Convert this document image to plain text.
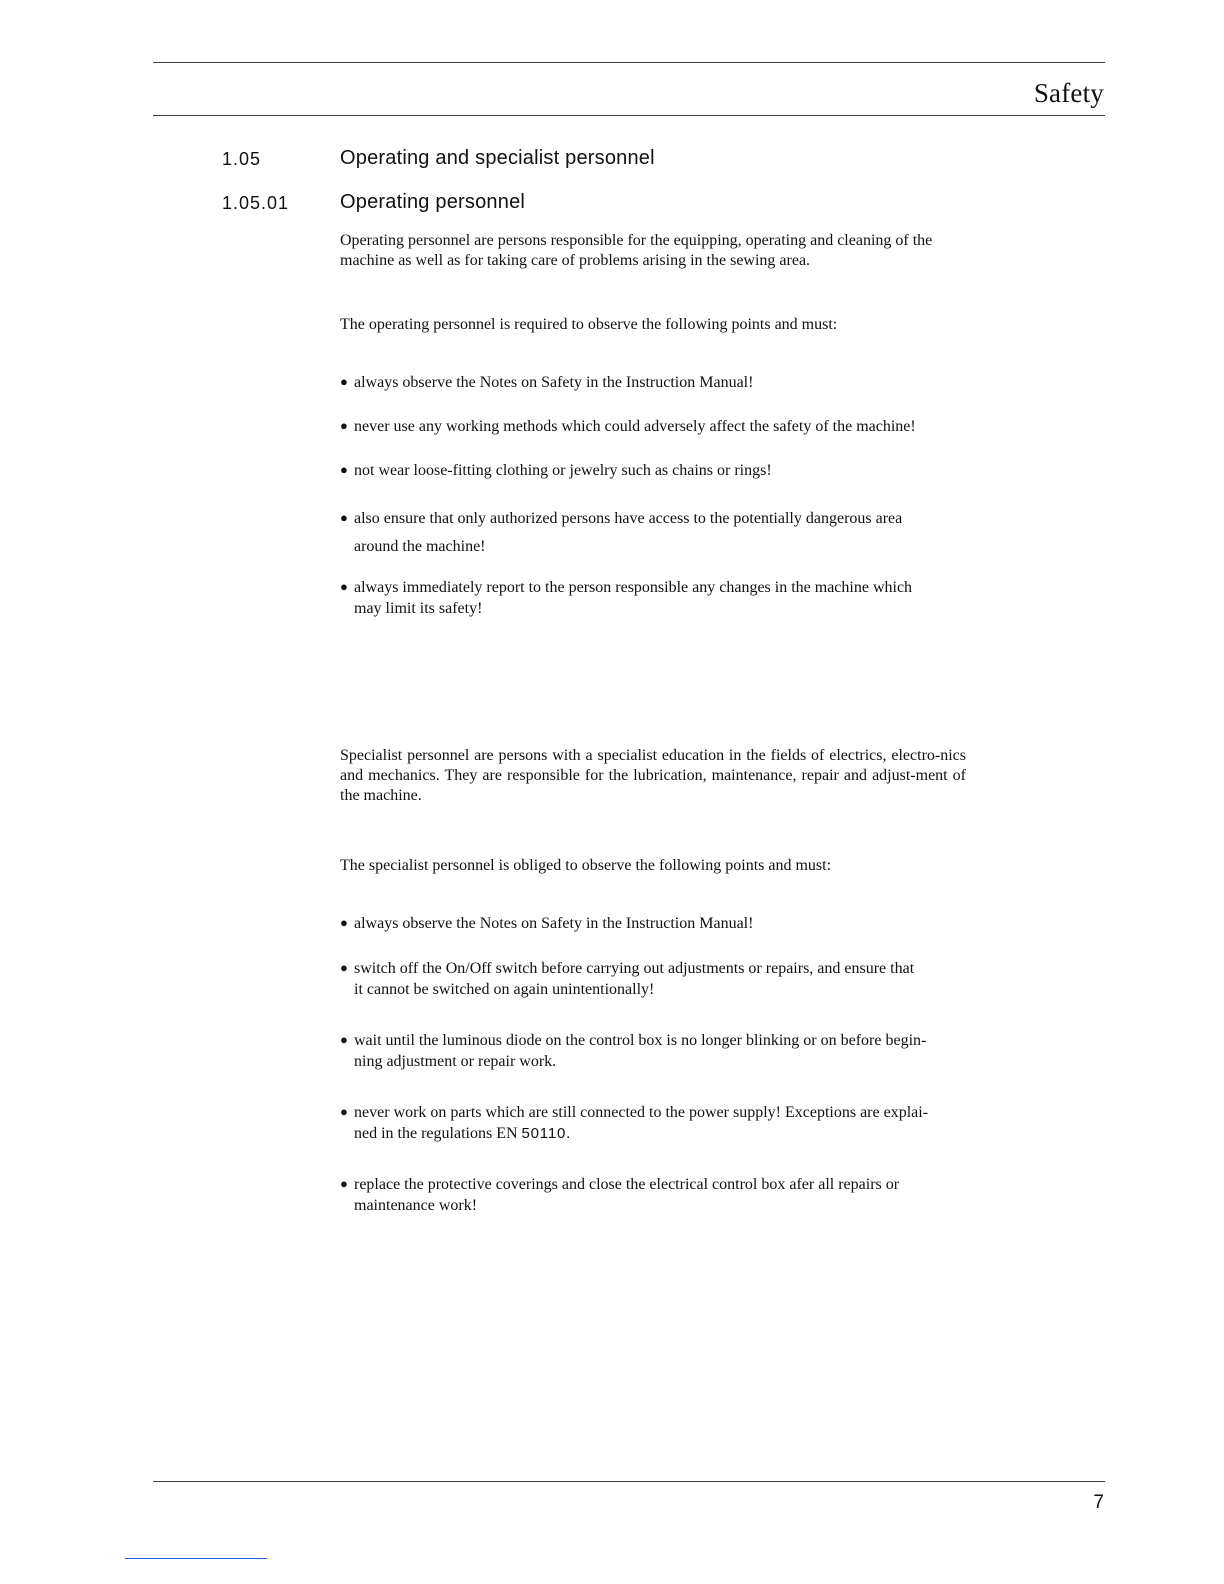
Safety
1.05	Operating and specialist personnel
1.05.01	Operating personnel

Operating personnel are persons responsible for the equipping, operating and cleaning of the machine as well as for taking care of problems arising in the sewing area.

The operating personnel is required to observe the following points and must:

● always observe the Notes on Safety in the Instruction Manual!
● never use any working methods which could adversely affect the safety of the machine!
● not wear loose-fitting clothing or jewelry such as chains or rings!
● also ensure that only authorized persons have access to the potentially dangerous area
around the machine!
● always immediately report to the person responsible any changes in the machine which
may limit its safety!

Specialist personnel are persons with a specialist education in the fields of electrics, electro-nics and mechanics. They are responsible for the lubrication, maintenance, repair and adjust-ment of the machine.

The specialist personnel is obliged to observe the following points and must:

● always observe the Notes on Safety in the Instruction Manual!
● switch off the On/Off switch before carrying out adjustments or repairs, and ensure that
it cannot be switched on again unintentionally!
● wait until the luminous diode on the control box is no longer blinking or on before begin-
ning adjustment or repair work.
● never work on parts which are still connected to the power supply! Exceptions are explai-
ned in the regulations EN 50110.
● replace the protective coverings and close the electrical control box afer all repairs or
maintenance work!
7
